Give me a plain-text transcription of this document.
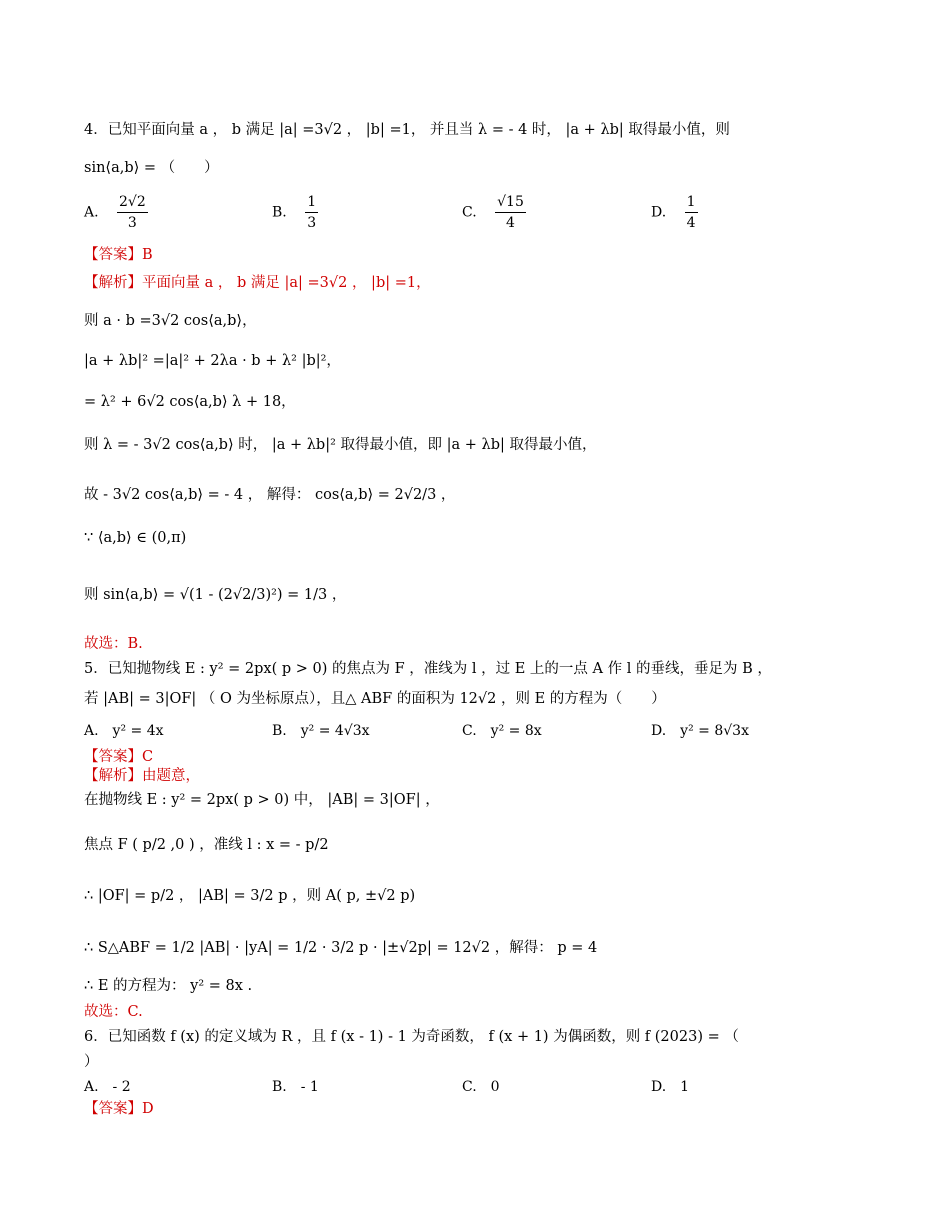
4．已知平面向量 a ， b 满足 |a| =3√2 ， |b| =1， 并且当 λ = - 4 时， |a + λb| 取得最小值，则
sin⟨a,b⟩ = （　　）
A. $\frac{2√2}{3}$	B. $\frac{1}{3}$	C. $\frac{√15}{4}$	D. $\frac{1}{4}$
【答案】B
【解析】平面向量 a ， b 满足 |a| =3√2 ， |b| =1，
则 a · b =3√2 cos⟨a,b⟩，
|a + λb|² =|a|² + 2λa · b + λ² |b|²，
= λ² + 6√2 cos⟨a,b⟩ λ + 18，
则 λ = - 3√2 cos⟨a,b⟩ 时， |a + λb|² 取得最小值，即 |a + λb| 取得最小值，
故 - 3√2 cos⟨a,b⟩ = - 4 ， 解得： cos⟨a,b⟩ = 2√2/3 ，
∵ ⟨a,b⟩ ∈ (0,π)
则 sin⟨a,b⟩ = √(1 - (2√2/3)²) = 1/3 ，
故选：B.
5．已知抛物线 E : y² = 2px( p > 0) 的焦点为 F ，准线为 l ，过 E 上的一点 A 作 l 的垂线，垂足为 B ，
若 |AB| = 3|OF| （ O 为坐标原点），且△ ABF 的面积为 12√2 ，则 E 的方程为（　　）
A.　y² = 4x	B.　y² = 4√3x	C.　y² = 8x	D.　y² = 8√3x
【答案】C
【解析】由题意，
在抛物线 E : y² = 2px( p > 0) 中， |AB| = 3|OF| ，
焦点 F ( p/2 ,0 ) ，准线 l : x = - p/2
∴ |OF| = p/2 ， |AB| = 3/2 p ，则 A( p, ±√2 p)
∴ S△ABF = 1/2 |AB| · |yA| = 1/2 · 3/2 p · |±√2p| = 12√2 ，解得： p = 4
∴ E 的方程为： y² = 8x .
故选：C.
6．已知函数 f (x) 的定义域为 R ，且 f (x - 1) - 1 为奇函数， f (x + 1) 为偶函数，则 f (2023) = （
）
A.　- 2	B.　- 1	C.　0	D.　1
【答案】D
